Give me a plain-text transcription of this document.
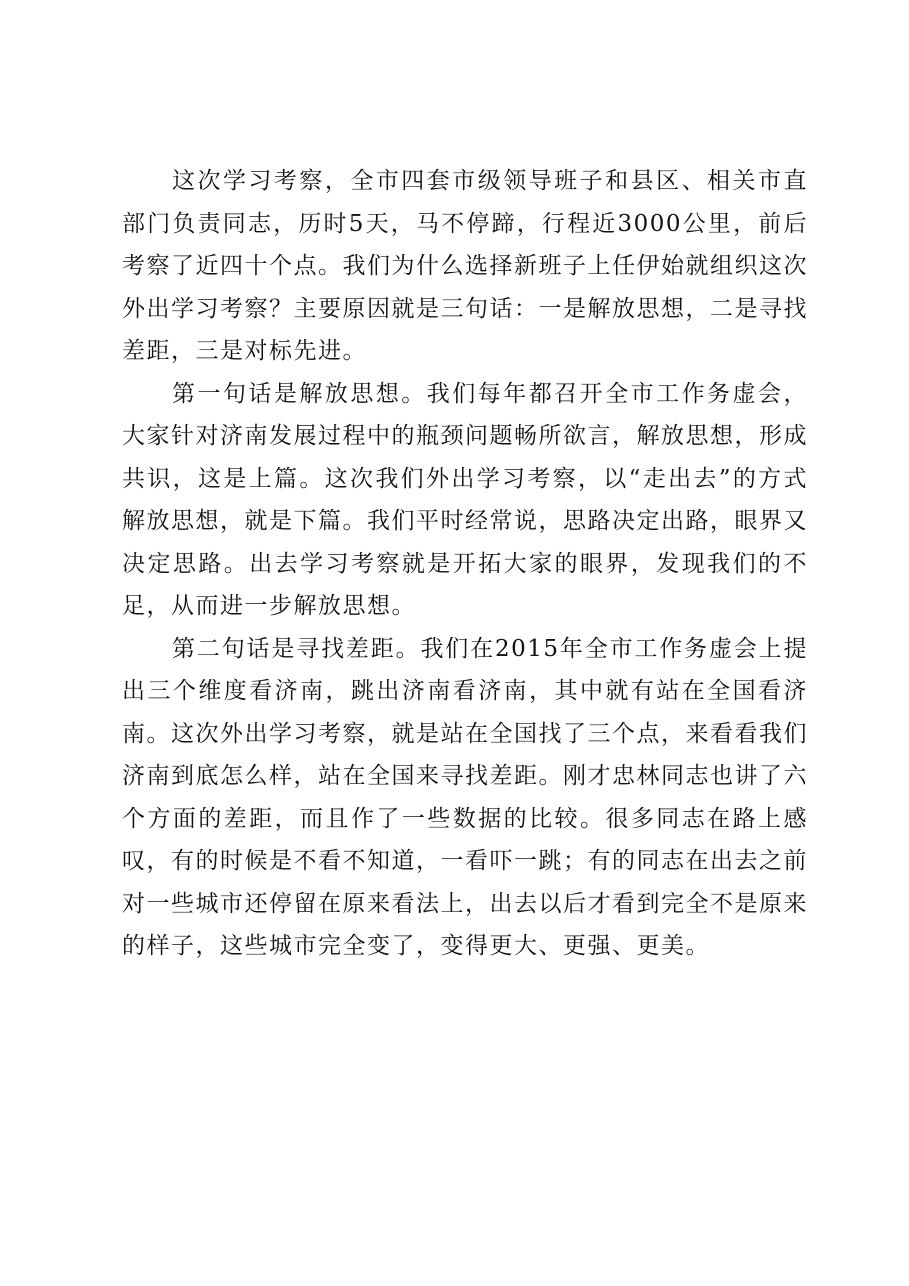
这次学习考察，全市四套市级领导班子和县区、相关市直部门负责同志，历时5天，马不停蹄，行程近3000公里，前后考察了近四十个点。我们为什么选择新班子上任伊始就组织这次外出学习考察？主要原因就是三句话：一是解放思想，二是寻找差距，三是对标先进。

第一句话是解放思想。我们每年都召开全市工作务虚会，大家针对济南发展过程中的瓶颈问题畅所欲言，解放思想，形成共识，这是上篇。这次我们外出学习考察，以“走出去”的方式解放思想，就是下篇。我们平时经常说，思路决定出路，眼界又决定思路。出去学习考察就是开拓大家的眼界，发现我们的不足，从而进一步解放思想。

第二句话是寻找差距。我们在2015年全市工作务虚会上提出三个维度看济南，跳出济南看济南，其中就有站在全国看济南。这次外出学习考察，就是站在全国找了三个点，来看看我们济南到底怎么样，站在全国来寻找差距。刚才忠林同志也讲了六个方面的差距，而且作了一些数据的比较。很多同志在路上感叹，有的时候是不看不知道，一看吓一跳；有的同志在出去之前对一些城市还停留在原来看法上，出去以后才看到完全不是原来的样子，这些城市完全变了，变得更大、更强、更美。
